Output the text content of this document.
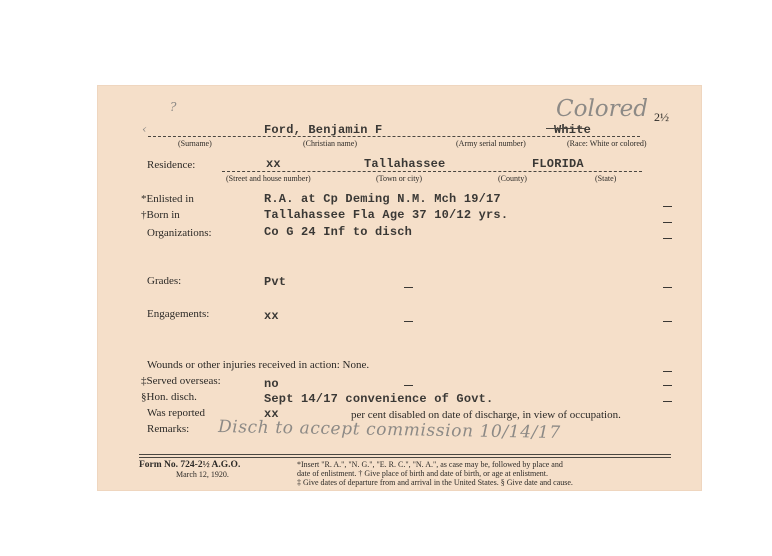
?	Colored 2½
‹	Ford, Benjamin F	White
(Surname)	(Christian name)	(Army serial number)	(Race: White or colored)
Residence:	xx	Tallahassee	FLORIDA
(Street and house number)	(Town or city)	(County)	(State)
*Enlisted in	R.A. at Cp Deming N.M. Mch 19/17
†Born in	Tallahassee Fla Age 37 10/12 yrs.
Organizations:	Co G 24 Inf to disch
Grades:	Pvt
Engagements:	xx
Wounds or other injuries received in action: None.
‡Served overseas:	no
§Hon. disch.	Sept 14/17 convenience of Govt.
Was reported	xx	per cent disabled on date of discharge, in view of occupation.
Remarks: Disch to accept commission 10/14/17
Form No. 724-2½ A.G.O.
March 12, 1920.
*Insert "R. A.", "N. G.", "E. R. C.", "N. A.", as case may be, followed by place and
date of enlistment. † Give place of birth and date of birth, or age at enlistment.
‡ Give dates of departure from and arrival in the United States. § Give date and cause.
